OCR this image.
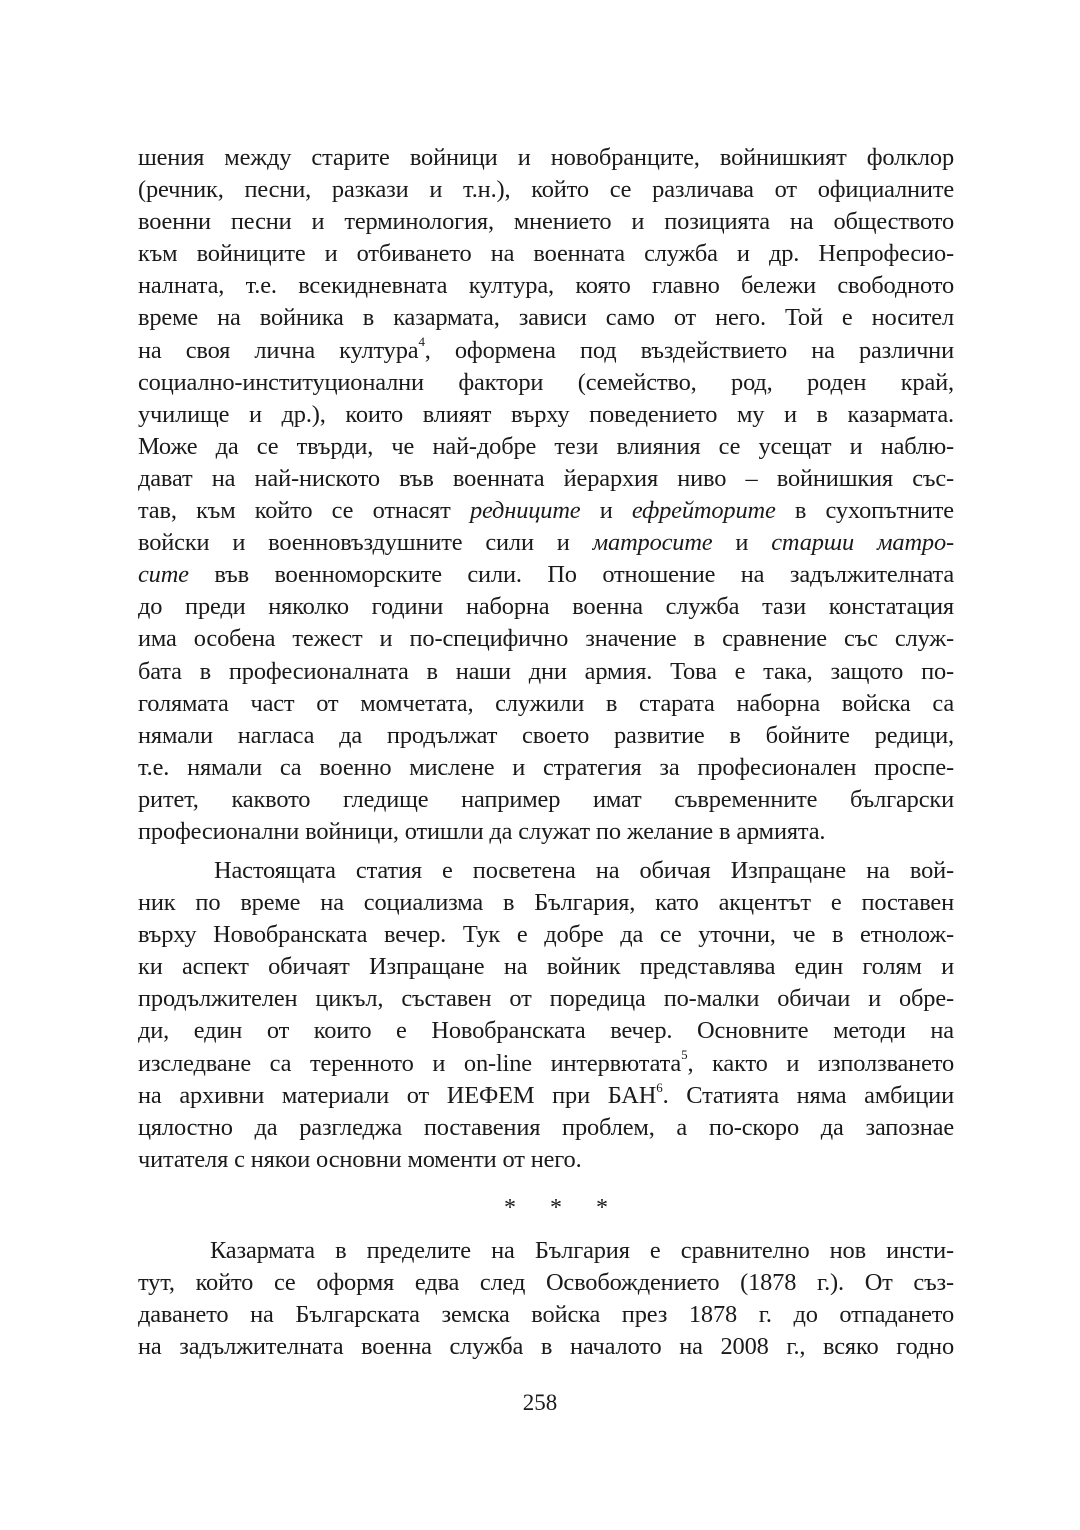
шения между старите войници и новобранците, войнишкият фолклор
(речник, песни, разкази и т.н.), който се различава от официалните
военни песни и терминология, мнението и позицията на обществото
към войниците и отбиването на военната служба и др. Непрофесио-
налната, т.е. всекидневната култура, която главно бележи свободното
време на войника в казармата, зависи само от него. Той е носител
на своя лична култура$^4$, оформена под въздействието на различни
социално-институционални фактори (семейство, род, роден край,
училище и др.), които влияят върху поведението му и в казармата.
Може да се твърди, че най-добре тези влияния се усещат и наблю-
дават на най-ниското във военната йерархия ниво – войнишкия със-
тав, към който се отнасят редниците и ефрейторите в сухопътните
войски и военновъздушните сили и матросите и старши матро-
сите във военноморските сили. По отношение на задължителната
до преди няколко години наборна военна служба тази констатация
има особена тежест и по-специфично значение в сравнение със служ-
бата в професионалната в наши дни армия. Това е така, защото по-
голямата част от момчетата, служили в старата наборна войска са
нямали нагласа да продължат своето развитие в бойните редици,
т.е. нямали са военно мислене и стратегия за професионален проспе-
ритет, каквото гледище например имат съвременните български
професионални войници, отишли да служат по желание в армията.
Настоящата статия е посветена на обичая Изпращане на вой-
ник по време на социализма в България, като акцентът е поставен
върху Новобранската вечер. Тук е добре да се уточни, че в етнолож-
ки аспект обичаят Изпращане на войник представлява един голям и
продължителен цикъл, съставен от поредица по-малки обичаи и обре-
ди, един от които е Новобранската вечер. Основните методи на
изследване са теренното и on-line интервютата$^5$, както и използването
на архивни материали от ИЕФЕМ при БАН$^6$. Статията няма амбиции
цялостно да разгледжа поставения проблем, а по-скоро да запознае
читателя с някои основни моменти от него.
* * *
Казармата в пределите на България е сравнително нов инсти-
тут, който се оформя едва след Освобождението (1878 г.). От съз-
даването на Българската земска войска през 1878 г. до отпадането
на задължителната военна служба в началото на 2008 г., всяко годно
258
